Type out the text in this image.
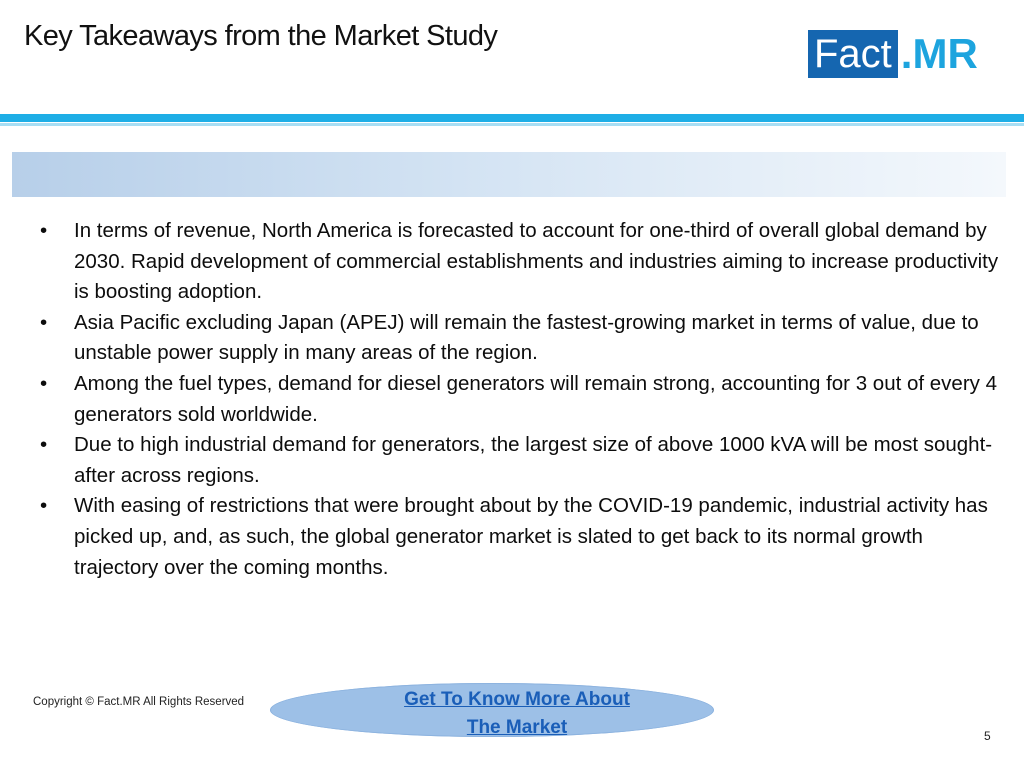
Key Takeaways from the Market Study	Fact .MR
•	In terms of revenue, North America is forecasted to account for one-third of overall global demand by 2030. Rapid development of commercial establishments and industries aiming to increase productivity is boosting adoption.
•	Asia Pacific excluding Japan (APEJ) will remain the fastest-growing market in terms of value, due to unstable power supply in many areas of the region.
•	Among the fuel types, demand for diesel generators will remain strong, accounting for 3 out of every 4 generators sold worldwide.
•	Due to high industrial demand for generators, the largest size of above 1000 kVA will be most sought-after across regions.
•	With easing of restrictions that were brought about by the COVID-19 pandemic, industrial activity has picked up, and, as such, the global generator market is slated to get back to its normal growth trajectory over the coming months.
Copyright © Fact.MR All Rights Reserved	Get To Know More About
The Market	5
